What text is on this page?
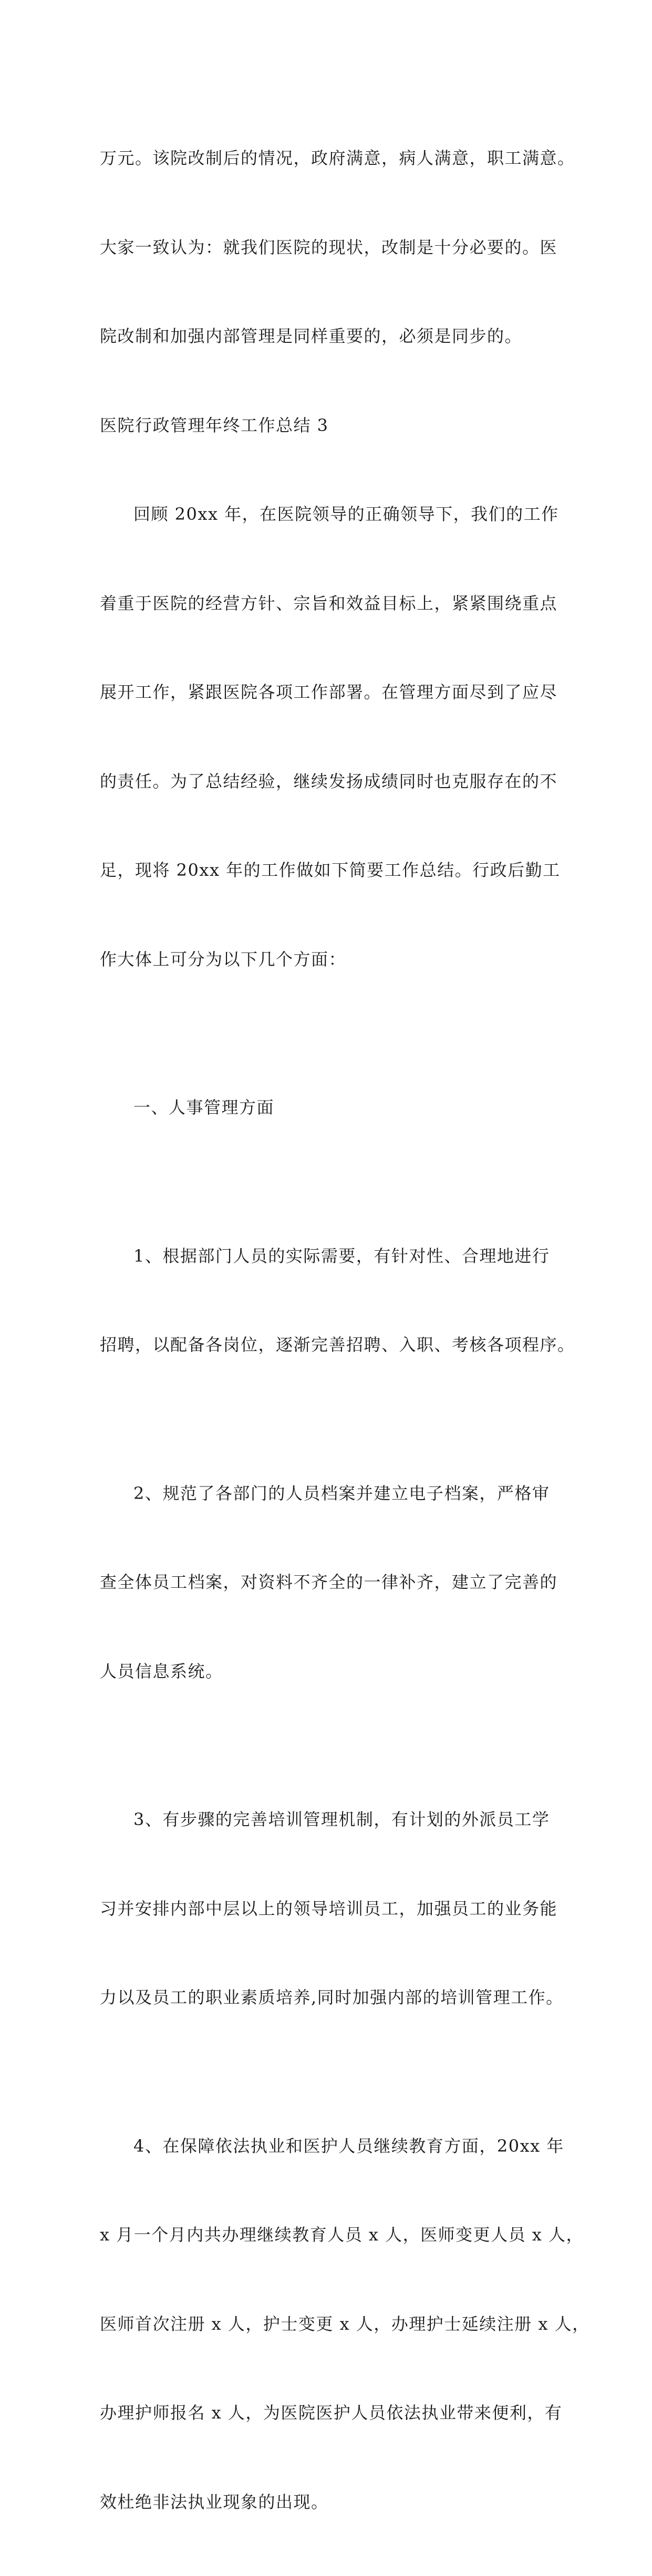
万元。该院改制后的情况，政府满意，病人满意，职工满意。

大家一致认为：就我们医院的现状，改制是十分必要的。医

院改制和加强内部管理是同样重要的，必须是同步的。

医院行政管理年终工作总结 3

回顾 20xx 年，在医院领导的正确领导下，我们的工作

着重于医院的经营方针、宗旨和效益目标上，紧紧围绕重点

展开工作，紧跟医院各项工作部署。在管理方面尽到了应尽

的责任。为了总结经验，继续发扬成绩同时也克服存在的不

足，现将 20xx 年的工作做如下简要工作总结。行政后勤工

作大体上可分为以下几个方面：

一、人事管理方面

1、根据部门人员的实际需要，有针对性、合理地进行

招聘，以配备各岗位，逐渐完善招聘、入职、考核各项程序。

2、规范了各部门的人员档案并建立电子档案，严格审

查全体员工档案，对资料不齐全的一律补齐，建立了完善的

人员信息系统。

3、有步骤的完善培训管理机制，有计划的外派员工学

习并安排内部中层以上的领导培训员工，加强员工的业务能

力以及员工的职业素质培养,同时加强内部的培训管理工作。

4、在保障依法执业和医护人员继续教育方面，20xx 年

x 月一个月内共办理继续教育人员 x 人，医师变更人员 x 人，

医师首次注册 x 人，护士变更 x 人，办理护士延续注册 x 人，

办理护师报名 x 人，为医院医护人员依法执业带来便利，有

效杜绝非法执业现象的出现。
